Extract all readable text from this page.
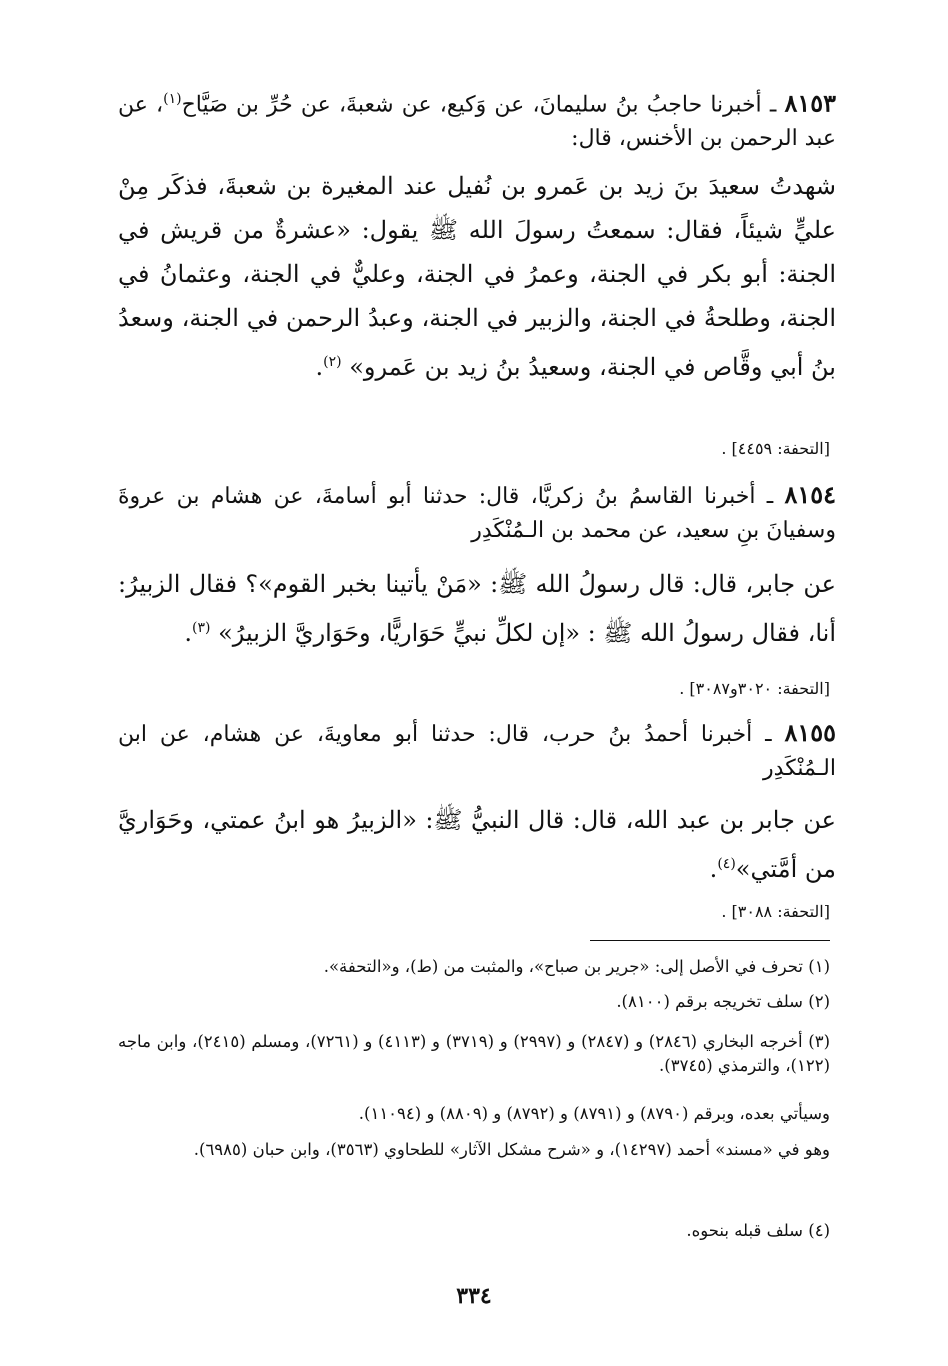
٨١٥٣ ـ أخبرنا حاجبُ بنُ سليمانَ، عن وَكيع، عن شعبةَ، عن حُرِّ بن صَيَّاح$^{(١)}$، عن عبد الرحمن بن الأخنس، قال:
شهدتُ سعيدَ بنَ زيد بن عَمرو بن نُفيل عند المغيرة بن شعبةَ، فذكَر مِنْ عليٍّ شيئاً، فقال: سمعتُ رسولَ الله ﷺ يقول: «عشرةٌ من قريش في الجنة: أبو بكر في الجنة، وعمرُ في الجنة، وعليٌّ في الجنة، وعثمانُ في الجنة، وطلحةُ في الجنة، والزبير في الجنة، وعبدُ الرحمن في الجنة، وسعدُ بنُ أبي وقَّاص في الجنة، وسعيدُ بنُ زيد بن عَمرو» $^{(٢)}$.
[التحفة: ٤٤٥٩] .
٨١٥٤ ـ أخبرنا القاسمُ بنُ زكريَّا، قال: حدثنا أبو أسامةَ، عن هشام بن عروةَ وسفيانَ بنِ سعيد، عن محمد بن الـمُنْكَدِر
عن جابر، قال: قال رسولُ الله ﷺ: «مَنْ يأتينا بخبر القوم»؟ فقال الزبيرُ: أنا، فقال رسولُ الله ﷺ : «إن لكلِّ نبيٍّ حَوَاريًّا، وحَوَاريَّ الزبيرُ» $^{(٣)}$.
[التحفة: ٣٠٢٠و٣٠٨٧] .
٨١٥٥ ـ أخبرنا أحمدُ بنُ حرب، قال: حدثنا أبو معاويةَ، عن هشام، عن ابن الـمُنْكَدِر
عن جابر بن عبد الله، قال: قال النبيُّ ﷺ: «الزبيرُ هو ابنُ عمتي، وحَوَاريَّ من أمَّتي»$^{(٤)}$.
[التحفة: ٣٠٨٨] .
(١) تحرف في الأصل إلى: «جرير بن صباح»، والمثبت من (ط)، و«التحفة».
(٢) سلف تخريجه برقم (٨١٠٠).
(٣) أخرجه البخاري (٢٨٤٦) و (٢٨٤٧) و (٢٩٩٧) و (٣٧١٩) و (٤١١٣) و (٧٢٦١)، ومسلم (٢٤١٥)، وابن ماجه (١٢٢)، والترمذي (٣٧٤٥).
وسيأتي بعده، وبرقم (٨٧٩٠) و (٨٧٩١) و (٨٧٩٢) و (٨٨٠٩) و (١١٠٩٤).
وهو في «مسند» أحمد (١٤٢٩٧)، و «شرح مشكل الآثار» للطحاوي (٣٥٦٣)، وابن حبان (٦٩٨٥).
(٤) سلف قبله بنحوه.
٣٣٤
